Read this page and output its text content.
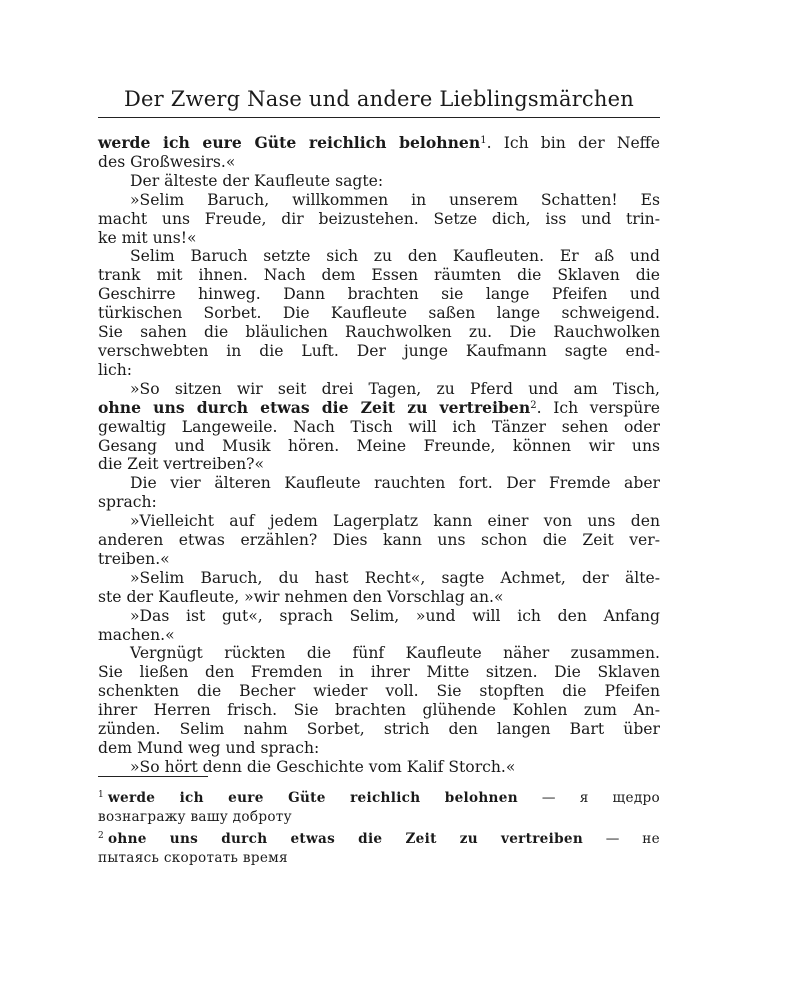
Der Zwerg Nase und andere Lieblingsmärchen
werde ich eure Güte reichlich belohnen$^1$. Ich bin der Neffe
des Großwesirs.«
Der älteste der Kaufleute sagte:
»Selim Baruch, willkommen in unserem Schatten! Es
macht uns Freude, dir beizustehen. Setze dich, iss und trin-
ke mit uns!«
Selim Baruch setzte sich zu den Kaufleuten. Er aß und
trank mit ihnen. Nach dem Essen räumten die Sklaven die
Geschirre hinweg. Dann brachten sie lange Pfeifen und
türkischen Sorbet. Die Kaufleute saßen lange schweigend.
Sie sahen die bläulichen Rauchwolken zu. Die Rauchwolken
verschwebten in die Luft. Der junge Kaufmann sagte end-
lich:
»So sitzen wir seit drei Tagen, zu Pferd und am Tisch,
ohne uns durch etwas die Zeit zu vertreiben$^2$. Ich verspüre
gewaltig Langeweile. Nach Tisch will ich Tänzer sehen oder
Gesang und Musik hören. Meine Freunde, können wir uns
die Zeit vertreiben?«
Die vier älteren Kaufleute rauchten fort. Der Fremde aber
sprach:
»Vielleicht auf jedem Lagerplatz kann einer von uns den
anderen etwas erzählen? Dies kann uns schon die Zeit ver-
treiben.«
»Selim Baruch, du hast Recht«, sagte Achmet, der älte-
ste der Kaufleute, »wir nehmen den Vorschlag an.«
»Das ist gut«, sprach Selim, »und will ich den Anfang
machen.«
Vergnügt rückten die fünf Kaufleute näher zusammen.
Sie ließen den Fremden in ihrer Mitte sitzen. Die Sklaven
schenkten die Becher wieder voll. Sie stopften die Pfeifen
ihrer Herren frisch. Sie brachten glühende Kohlen zum An-
zünden. Selim nahm Sorbet, strich den langen Bart über
dem Mund weg und sprach:
»So hört denn die Geschichte vom Kalif Storch.«
$^1$ werde ich eure Güte reichlich belohnen — я щедро
вознагражу вашу доброту
$^2$ ohne uns durch etwas die Zeit zu vertreiben — не
пытаясь скоротать время
